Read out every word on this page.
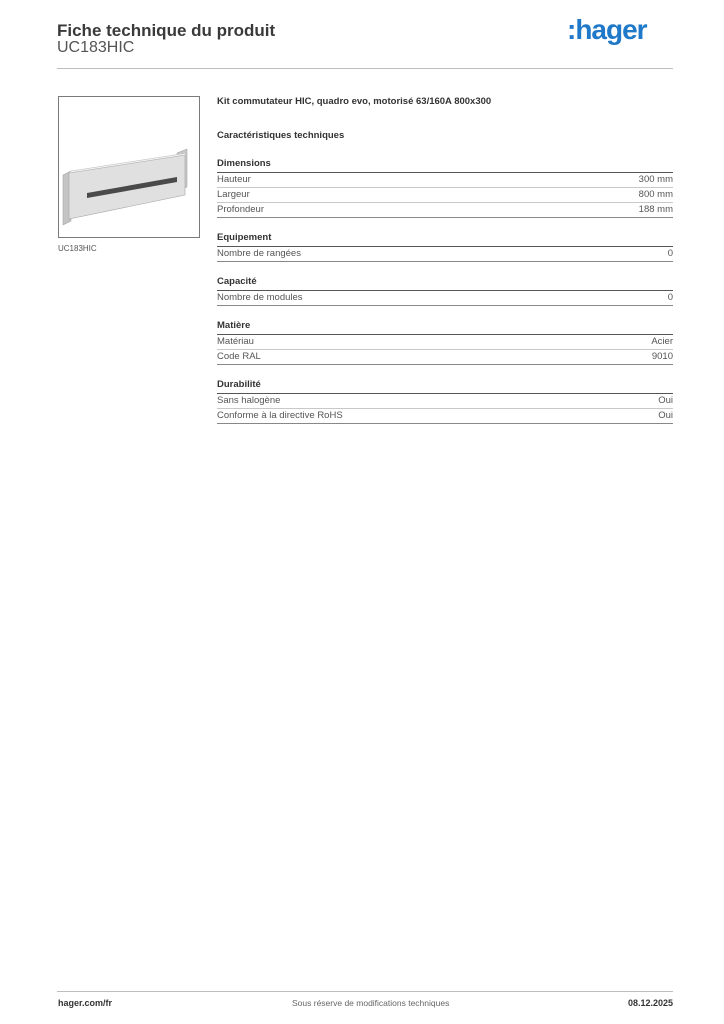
Fiche technique du produit
UC183HIC
:hager
UC183HIC
Kit commutateur HIC, quadro evo, motorisé 63/160A 800x300
Caractéristiques techniques
Dimensions
Hauteur	300 mm
Largeur	800 mm
Profondeur	188 mm
Equipement
Nombre de rangées	0
Capacité
Nombre de modules	0
Matière
Matériau	Acier
Code RAL	9010
Durabilité
Sans halogène	Oui
Conforme à la directive RoHS	Oui
hager.com/fr	Sous réserve de modifications techniques	08.12.2025
